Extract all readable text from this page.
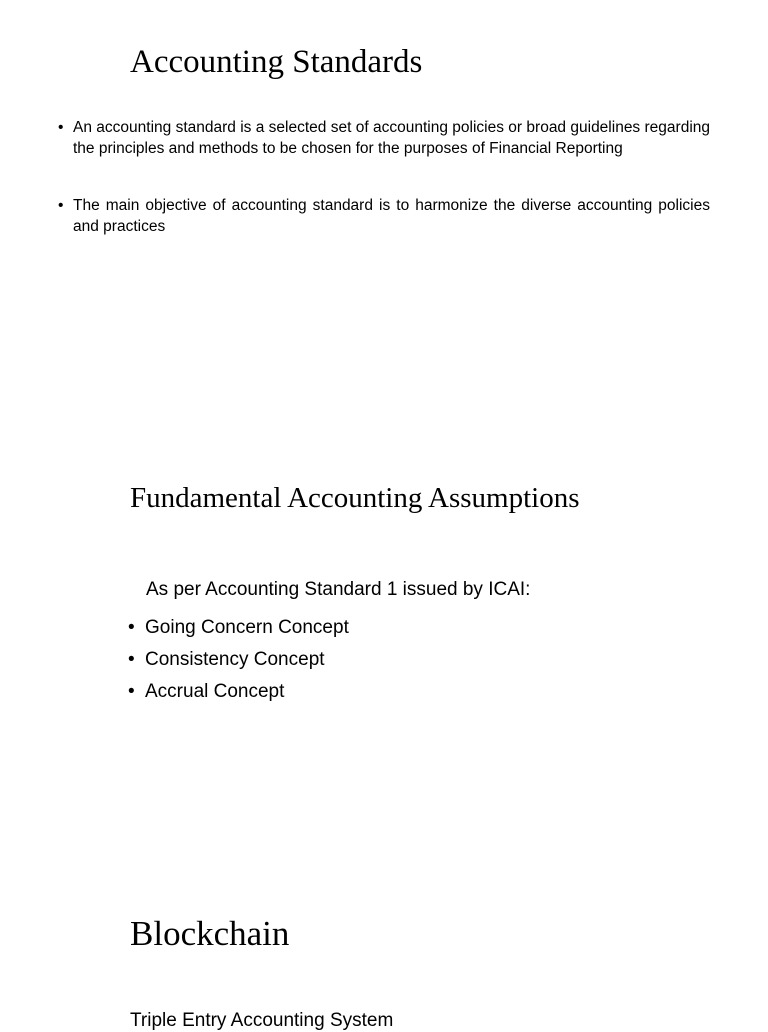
Accounting Standards
• An accounting standard is a selected set of accounting policies or broad guidelines regarding the principles and methods to be chosen for the purposes of Financial Reporting
• The main objective of accounting standard is to harmonize the diverse accounting policies and practices
Fundamental Accounting Assumptions

As per Accounting Standard 1 issued by ICAI:

• Going Concern Concept
• Consistency Concept
• Accrual Concept
Blockchain

Triple Entry Accounting System
